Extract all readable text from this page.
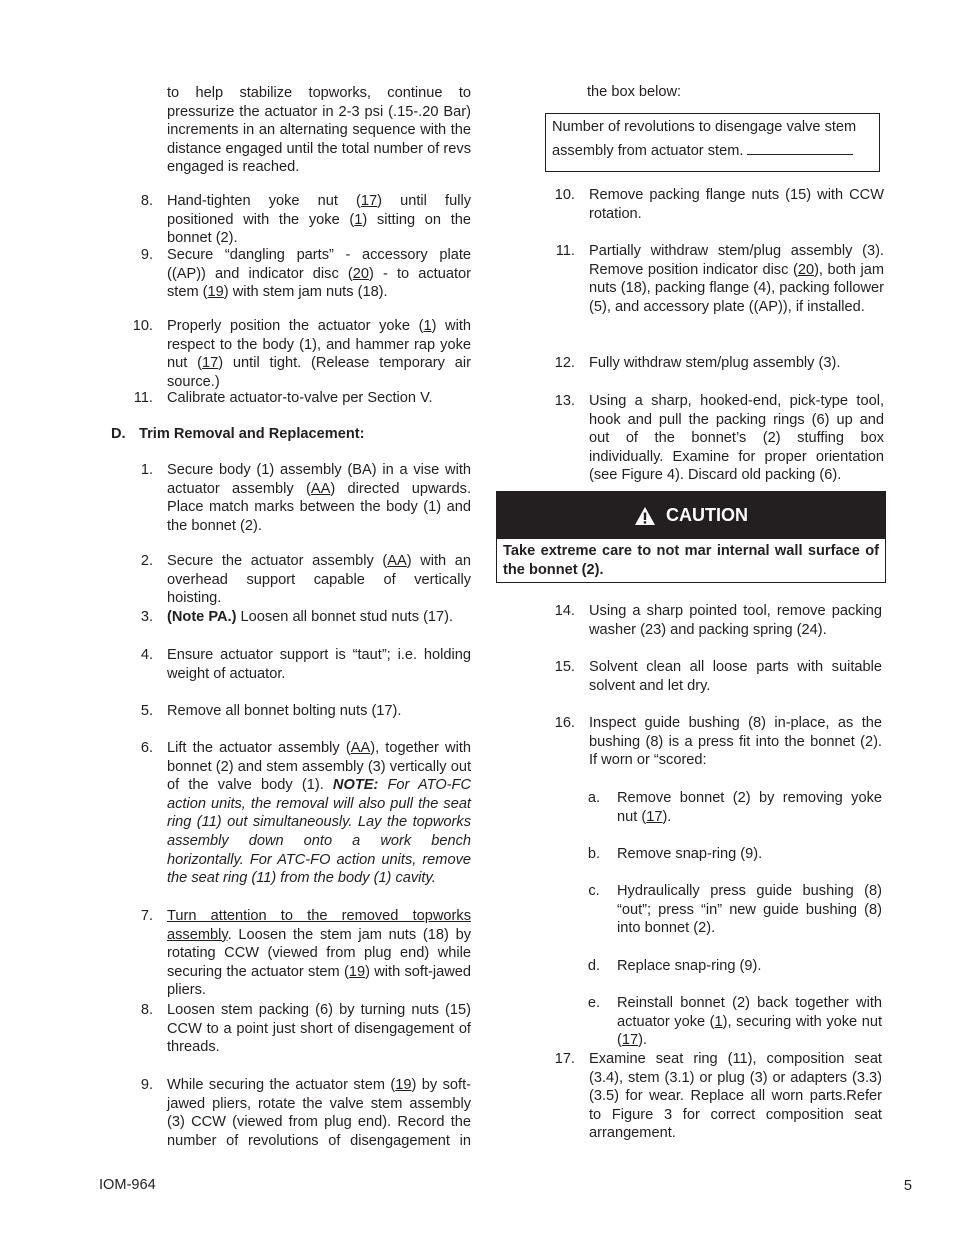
to help stabilize topworks, continue to pressurize the actuator in 2-3 psi (.15-.20 Bar) increments in an alternating sequence with the distance engaged until the total number of revs engaged is reached.
8. Hand-tighten yoke nut (17) until fully positioned with the yoke (1) sitting on the bonnet (2).
9. Secure “dangling parts” - accessory plate ((AP)) and indicator disc (20) - to actuator stem (19) with stem jam nuts (18).
10. Properly position the actuator yoke (1) with respect to the body (1), and hammer rap yoke nut (17) until tight. (Release temporary air source.)
11. Calibrate actuator-to-valve per Section V.
D. Trim Removal and Replacement:
1. Secure body (1) assembly (BA) in a vise with actuator assembly (AA) directed upwards. Place match marks between the body (1) and the bonnet (2).
2. Secure the actuator assembly (AA) with an overhead support capable of vertically hoisting.
3. (Note PA.) Loosen all bonnet stud nuts (17).
4. Ensure actuator support is “taut”; i.e. holding weight of actuator.
5. Remove all bonnet bolting nuts (17).
6. Lift the actuator assembly (AA), together with bonnet (2) and stem assembly (3) vertically out of the valve body (1). NOTE: For ATO-FC action units, the removal will also pull the seat ring (11) out simultaneously. Lay the topworks assembly down onto a work bench horizontally. For ATC-FO action units, remove the seat ring (11) from the body (1) cavity.
7. Turn attention to the removed topworks assembly. Loosen the stem jam nuts (18) by rotating CCW (viewed from plug end) while securing the actuator stem (19) with soft-jawed pliers.
8. Loosen stem packing (6) by turning nuts (15) CCW to a point just short of disengagement of threads.
9. While securing the actuator stem (19) by soft-jawed pliers, rotate the valve stem assembly (3) CCW (viewed from plug end). Record the number of revolutions of disengagement in
the box below:
Number of revolutions to disengage valve stem
assembly from actuator stem.
10. Remove packing flange nuts (15) with CCW rotation.
11. Partially withdraw stem/plug assembly (3). Remove position indicator disc (20), both jam nuts (18), packing flange (4), packing follower (5), and accessory plate ((AP)), if installed.
12. Fully withdraw stem/plug assembly (3).
13. Using a sharp, hooked-end, pick-type tool, hook and pull the packing rings (6) up and out of the bonnet’s (2) stuffing box individually. Examine for proper orientation (see Figure 4). Discard old packing (6).
CAUTION
Take extreme care to not mar internal wall surface of the bonnet (2).
14. Using a sharp pointed tool, remove packing washer (23) and packing spring (24).
15. Solvent clean all loose parts with suitable solvent and let dry.
16. Inspect guide bushing (8) in-place, as the bushing (8) is a press fit into the bonnet (2). If worn or “scored:
a.	Remove bonnet (2) by removing yoke nut (17).
b.	Remove snap-ring (9).
c.	Hydraulically press guide bushing (8) “out”; press “in” new guide bushing (8) into bonnet (2).
d.	Replace snap-ring (9).
e.	Reinstall bonnet (2) back together with actuator yoke (1), securing with yoke nut (17).
17. Examine seat ring (11), composition seat (3.4), stem (3.1) or plug (3) or adapters (3.3) (3.5) for wear. Replace all worn parts.Refer to Figure 3 for correct composition seat arrangement.
IOM-964	5
